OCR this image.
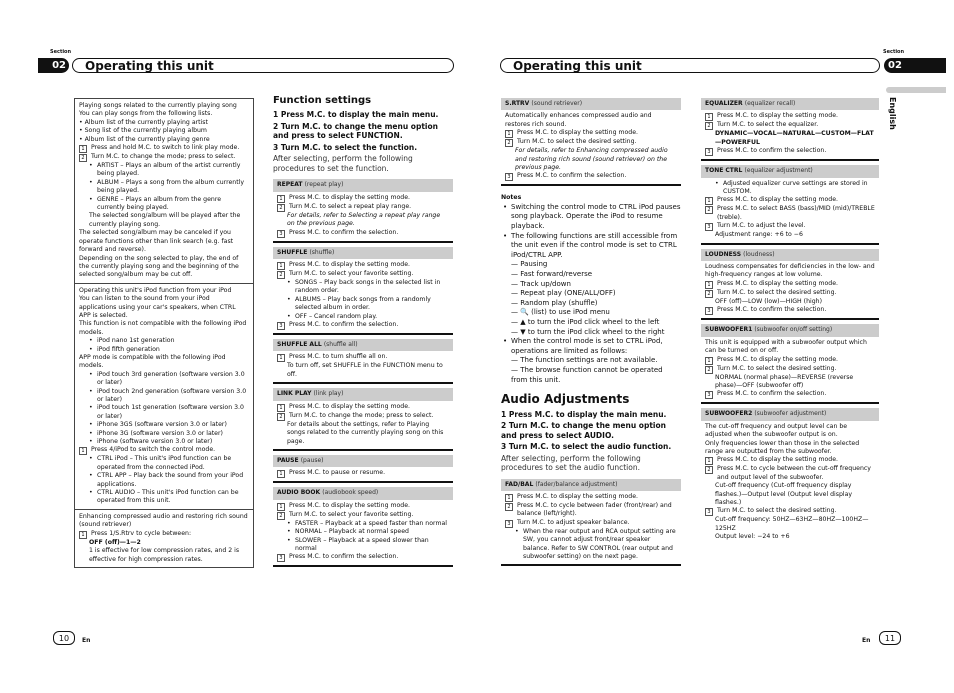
Section
02	Operating this unit
Section
Operating this unit	02
English
Playing songs related to the currently playing song
You can play songs from the following lists.
• Album list of the currently playing artist
• Song list of the currently playing album
• Album list of the currently playing genre
1	Press and hold M.C. to switch to link play mode.
2	Turn M.C. to change the mode; press to select.
• ARTIST – Plays an album of the artist currently being played.
• ALBUM – Plays a song from the album currently being played.
• GENRE – Plays an album from the genre currently being played.
The selected song/album will be played after the currently playing song.
The selected song/album may be canceled if you operate functions other than link search (e.g. fast forward and reverse).
Depending on the song selected to play, the end of the currently playing song and the beginning of the selected song/album may be cut off.
Operating this unit's iPod function from your iPod
You can listen to the sound from your iPod applications using your car's speakers, when CTRL APP is selected.
This function is not compatible with the following iPod models.
• iPod nano 1st generation
• iPod fifth generation
APP mode is compatible with the following iPod models.
• iPod touch 3rd generation (software version 3.0 or later)
• iPod touch 2nd generation (software version 3.0 or later)
• iPod touch 1st generation (software version 3.0 or later)
• iPhone 3GS (software version 3.0 or later)
• iPhone 3G (software version 3.0 or later)
• iPhone (software version 3.0 or later)
1	Press 4/iPod to switch the control mode.
• CTRL iPod – This unit's iPod function can be operated from the connected iPod.
• CTRL APP – Play back the sound from your iPod applications.
• CTRL AUDIO – This unit's iPod function can be operated from this unit.
Enhancing compressed audio and restoring rich sound (sound retriever)
1	Press 1/S.Rtrv to cycle between:
OFF (off)—1—2
1 is effective for low compression rates, and 2 is effective for high compression rates.
Function settings
1 Press M.C. to display the main menu.
2 Turn M.C. to change the menu option and press to select FUNCTION.
3 Turn M.C. to select the function.
After selecting, perform the following procedures to set the function.
REPEAT (repeat play)
1	Press M.C. to display the setting mode.
2	Turn M.C. to select a repeat play range.
For details, refer to Selecting a repeat play range on the previous page.
3	Press M.C. to confirm the selection.
SHUFFLE (shuffle)
1	Press M.C. to display the setting mode.
2	Turn M.C. to select your favorite setting.
• SONGS – Play back songs in the selected list in random order.
• ALBUMS – Play back songs from a randomly selected album in order.
• OFF – Cancel random play.
3	Press M.C. to confirm the selection.
SHUFFLE ALL (shuffle all)
1	Press M.C. to turn shuffle all on.
To turn off, set SHUFFLE in the FUNCTION menu to off.
LINK PLAY (link play)
1	Press M.C. to display the setting mode.
2	Turn M.C. to change the mode; press to select.
For details about the settings, refer to Playing songs related to the currently playing song on this page.
PAUSE (pause)
1	Press M.C. to pause or resume.
AUDIO BOOK (audiobook speed)
1	Press M.C. to display the setting mode.
2	Turn M.C. to select your favorite setting.
• FASTER – Playback at a speed faster than normal
• NORMAL – Playback at normal speed
• SLOWER – Playback at a speed slower than normal
3	Press M.C. to confirm the selection.
S.RTRV (sound retriever)
Automatically enhances compressed audio and restores rich sound.
1	Press M.C. to display the setting mode.
2	Turn M.C. to select the desired setting.
For details, refer to Enhancing compressed audio and restoring rich sound (sound retriever) on the previous page.
3	Press M.C. to confirm the selection.
Notes
• Switching the control mode to CTRL iPod pauses song playback. Operate the iPod to resume playback.
• The following functions are still accessible from the unit even if the control mode is set to CTRL iPod/CTRL APP.
— Pausing
— Fast forward/reverse
— Track up/down
— Repeat play (ONE/ALL/OFF)
— Random play (shuffle)
— 🔍 (list) to use iPod menu
— ▲ to turn the iPod click wheel to the left
— ▼ to turn the iPod click wheel to the right
• When the control mode is set to CTRL iPod, operations are limited as follows:
— The function settings are not available.
— The browse function cannot be operated from this unit.
Audio Adjustments
1 Press M.C. to display the main menu.
2 Turn M.C. to change the menu option and press to select AUDIO.
3 Turn M.C. to select the audio function.
After selecting, perform the following procedures to set the audio function.
FAD/BAL (fader/balance adjustment)
1	Press M.C. to display the setting mode.
2	Press M.C. to cycle between fader (front/rear) and balance (left/right).
3	Turn M.C. to adjust speaker balance.
• When the rear output and RCA output setting are SW, you cannot adjust front/rear speaker balance. Refer to SW CONTROL (rear output and subwoofer setting) on the next page.
EQUALIZER (equalizer recall)
1	Press M.C. to display the setting mode.
2	Turn M.C. to select the equalizer.
DYNAMIC—VOCAL—NATURAL—CUSTOM—FLAT—POWERFUL
3	Press M.C. to confirm the selection.
TONE CTRL (equalizer adjustment)
• Adjusted equalizer curve settings are stored in CUSTOM.
1	Press M.C. to display the setting mode.
2	Press M.C. to select BASS (bass)/MID (mid)/TREBLE (treble).
3	Turn M.C. to adjust the level.
Adjustment range: +6 to −6
LOUDNESS (loudness)
Loudness compensates for deficiencies in the low- and high-frequency ranges at low volume.
1	Press M.C. to display the setting mode.
2	Turn M.C. to select the desired setting.
OFF (off)—LOW (low)—HIGH (high)
3	Press M.C. to confirm the selection.
SUBWOOFER1 (subwoofer on/off setting)
This unit is equipped with a subwoofer output which can be turned on or off.
1	Press M.C. to display the setting mode.
2	Turn M.C. to select the desired setting.
NORMAL (normal phase)—REVERSE (reverse phase)—OFF (subwoofer off)
3	Press M.C. to confirm the selection.
SUBWOOFER2 (subwoofer adjustment)
The cut-off frequency and output level can be adjusted when the subwoofer output is on.
Only frequencies lower than those in the selected range are outputted from the subwoofer.
1	Press M.C. to display the setting mode.
2	Press M.C. to cycle between the cut-off frequency and output level of the subwoofer.
Cut-off frequency (Cut-off frequency display flashes.)—Output level (Output level display flashes.)
3	Turn M.C. to select the desired setting.
Cut-off frequency: 50HZ—63HZ—80HZ—100HZ—125HZ
Output level: −24 to +6
10	En	En	11
